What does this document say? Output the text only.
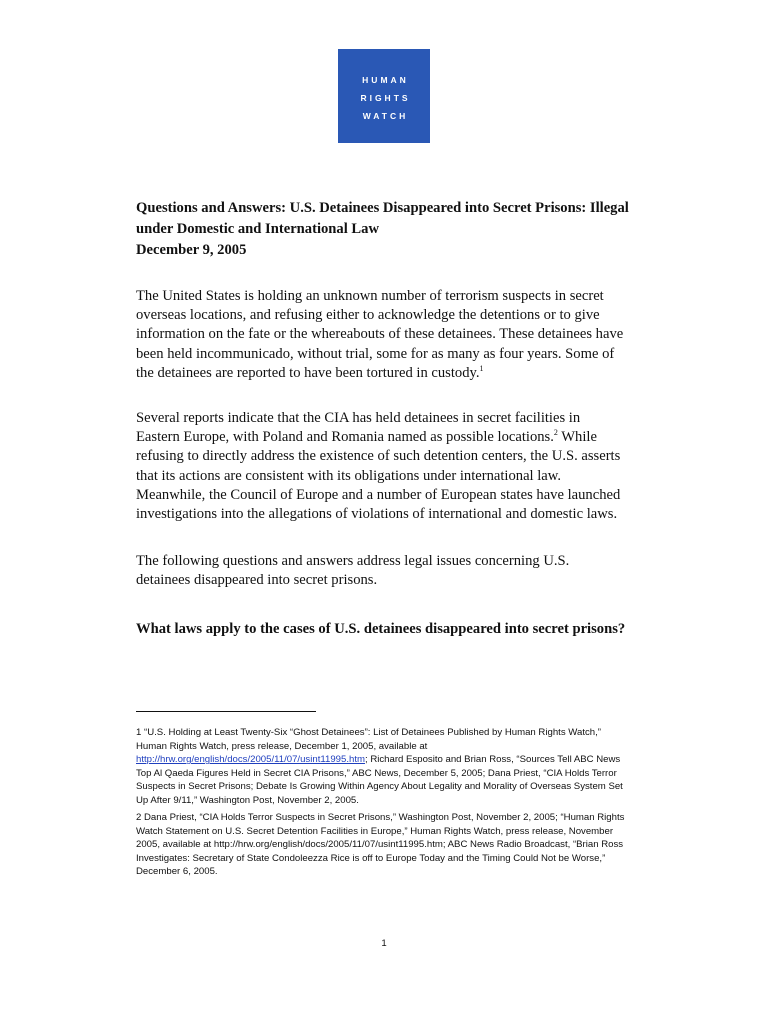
HUMAN
RIGHTS
WATCH
Questions and Answers: U.S. Detainees Disappeared into Secret Prisons: Illegal under Domestic and International Law

December 9, 2005

The United States is holding an unknown number of terrorism suspects in secret overseas locations, and refusing either to acknowledge the detentions or to give information on the fate or the whereabouts of these detainees. These detainees have been held incommunicado, without trial, some for as many as four years. Some of the detainees are reported to have been tortured in custody.$^1$

Several reports indicate that the CIA has held detainees in secret facilities in Eastern Europe, with Poland and Romania named as possible locations.$^2$ While refusing to directly address the existence of such detention centers, the U.S. asserts that its actions are consistent with its obligations under international law. Meanwhile, the Council of Europe and a number of European states have launched investigations into the allegations of violations of international and domestic laws.

The following questions and answers address legal issues concerning U.S. detainees disappeared into secret prisons.

What laws apply to the cases of U.S. detainees disappeared into secret prisons?

1 “U.S. Holding at Least Twenty-Six “Ghost Detainees”: List of Detainees Published by Human Rights Watch,” Human Rights Watch, press release, December 1, 2005, available at http://hrw.org/english/docs/2005/11/07/usint11995.htm; Richard Esposito and Brian Ross, “Sources Tell ABC News Top Al Qaeda Figures Held in Secret CIA Prisons,” ABC News, December 5, 2005; Dana Priest, “CIA Holds Terror Suspects in Secret Prisons; Debate Is Growing Within Agency About Legality and Morality of Overseas System Set Up After 9/11,” Washington Post, November 2, 2005.

2 Dana Priest, “CIA Holds Terror Suspects in Secret Prisons,” Washington Post, November 2, 2005; “Human Rights Watch Statement on U.S. Secret Detention Facilities in Europe,” Human Rights Watch, press release, November 2005, available at http://hrw.org/english/docs/2005/11/07/usint11995.htm; ABC News Radio Broadcast, “Brian Ross Investigates: Secretary of State Condoleezza Rice is off to Europe Today and the Timing Could Not be Worse,” December 6, 2005.

1
